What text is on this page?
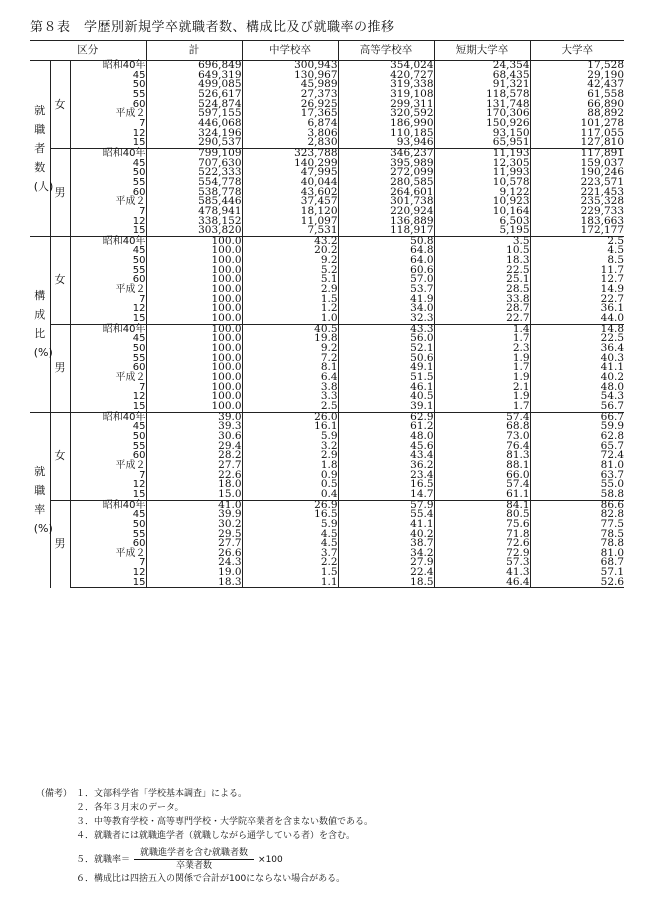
第８表　学歴別新規学卒就職者数、構成比及び就職率の推移
区分			計	中学校卒	高等学校卒	短期大学卒	大学卒
就職者数(人)	女	昭和40年	696,849	300,943	354,024	24,354	17,528
		45	649,319	130,967	420,727	68,435	29,190
		50	499,085	45,989	319,338	91,321	42,437
		55	526,617	27,373	319,108	118,578	61,558
		60	524,874	26,925	299,311	131,748	66,890
		平成２	597,155	17,365	320,592	170,306	88,892
		7	446,068	6,874	186,990	150,926	101,278
		12	324,196	3,806	110,185	93,150	117,055
		15	290,537	2,830	93,946	65,951	127,810
	男	昭和40年	799,109	323,788	346,237	11,193	117,891
		45	707,630	140,299	395,989	12,305	159,037
		50	522,333	47,995	272,099	11,993	190,246
		55	554,778	40,044	280,585	10,578	223,571
		60	538,778	43,602	264,601	9,122	221,453
		平成２	585,446	37,457	301,738	10,923	235,328
		7	478,941	18,120	220,924	10,164	229,733
		12	338,152	11,097	136,889	6,503	183,663
		15	303,820	7,531	118,917	5,195	172,177
構成比(%)	女	昭和40年	100.0	43.2	50.8	3.5	2.5
		45	100.0	20.2	64.8	10.5	4.5
		50	100.0	9.2	64.0	18.3	8.5
		55	100.0	5.2	60.6	22.5	11.7
		60	100.0	5.1	57.0	25.1	12.7
		平成２	100.0	2.9	53.7	28.5	14.9
		7	100.0	1.5	41.9	33.8	22.7
		12	100.0	1.2	34.0	28.7	36.1
		15	100.0	1.0	32.3	22.7	44.0
	男	昭和40年	100.0	40.5	43.3	1.4	14.8
		45	100.0	19.8	56.0	1.7	22.5
		50	100.0	9.2	52.1	2.3	36.4
		55	100.0	7.2	50.6	1.9	40.3
		60	100.0	8.1	49.1	1.7	41.1
		平成２	100.0	6.4	51.5	1.9	40.2
		7	100.0	3.8	46.1	2.1	48.0
		12	100.0	3.3	40.5	1.9	54.3
		15	100.0	2.5	39.1	1.7	56.7
就職率(%)	女	昭和40年	39.0	26.0	62.9	57.4	66.7
		45	39.3	16.1	61.2	68.8	59.9
		50	30.6	5.9	48.0	73.0	62.8
		55	29.4	3.2	45.6	76.4	65.7
		60	28.2	2.9	43.4	81.3	72.4
		平成２	27.7	1.8	36.2	88.1	81.0
		7	22.6	0.9	23.4	66.0	63.7
		12	18.0	0.5	16.5	57.4	55.0
		15	15.0	0.4	14.7	61.1	58.8
	男	昭和40年	41.0	26.9	57.9	84.1	86.6
		45	39.9	16.5	55.4	80.5	82.8
		50	30.2	5.9	41.1	75.6	77.5
		55	29.5	4.5	40.2	71.8	78.5
		60	27.7	4.5	38.7	72.6	78.8
		平成２	26.6	3.7	34.2	72.9	81.0
		7	24.3	2.2	27.9	57.3	68.7
		12	19.0	1.5	22.4	41.3	57.1
		15	18.3	1.1	18.5	46.4	52.6
（備考） １．文部科学省「学校基本調査」による。
２．各年３月末のデータ。
３．中等教育学校・高等専門学校・大学院卒業者を含まない数値である。
４．就職者には就職進学者（就職しながら通学している者）を含む。
５．就職率＝ $\frac{\text{就職進学者を含む就職者数}}{\text{卒業者数}} \times 100$
６．構成比は四捨五入の関係で合計が100にならない場合がある。
